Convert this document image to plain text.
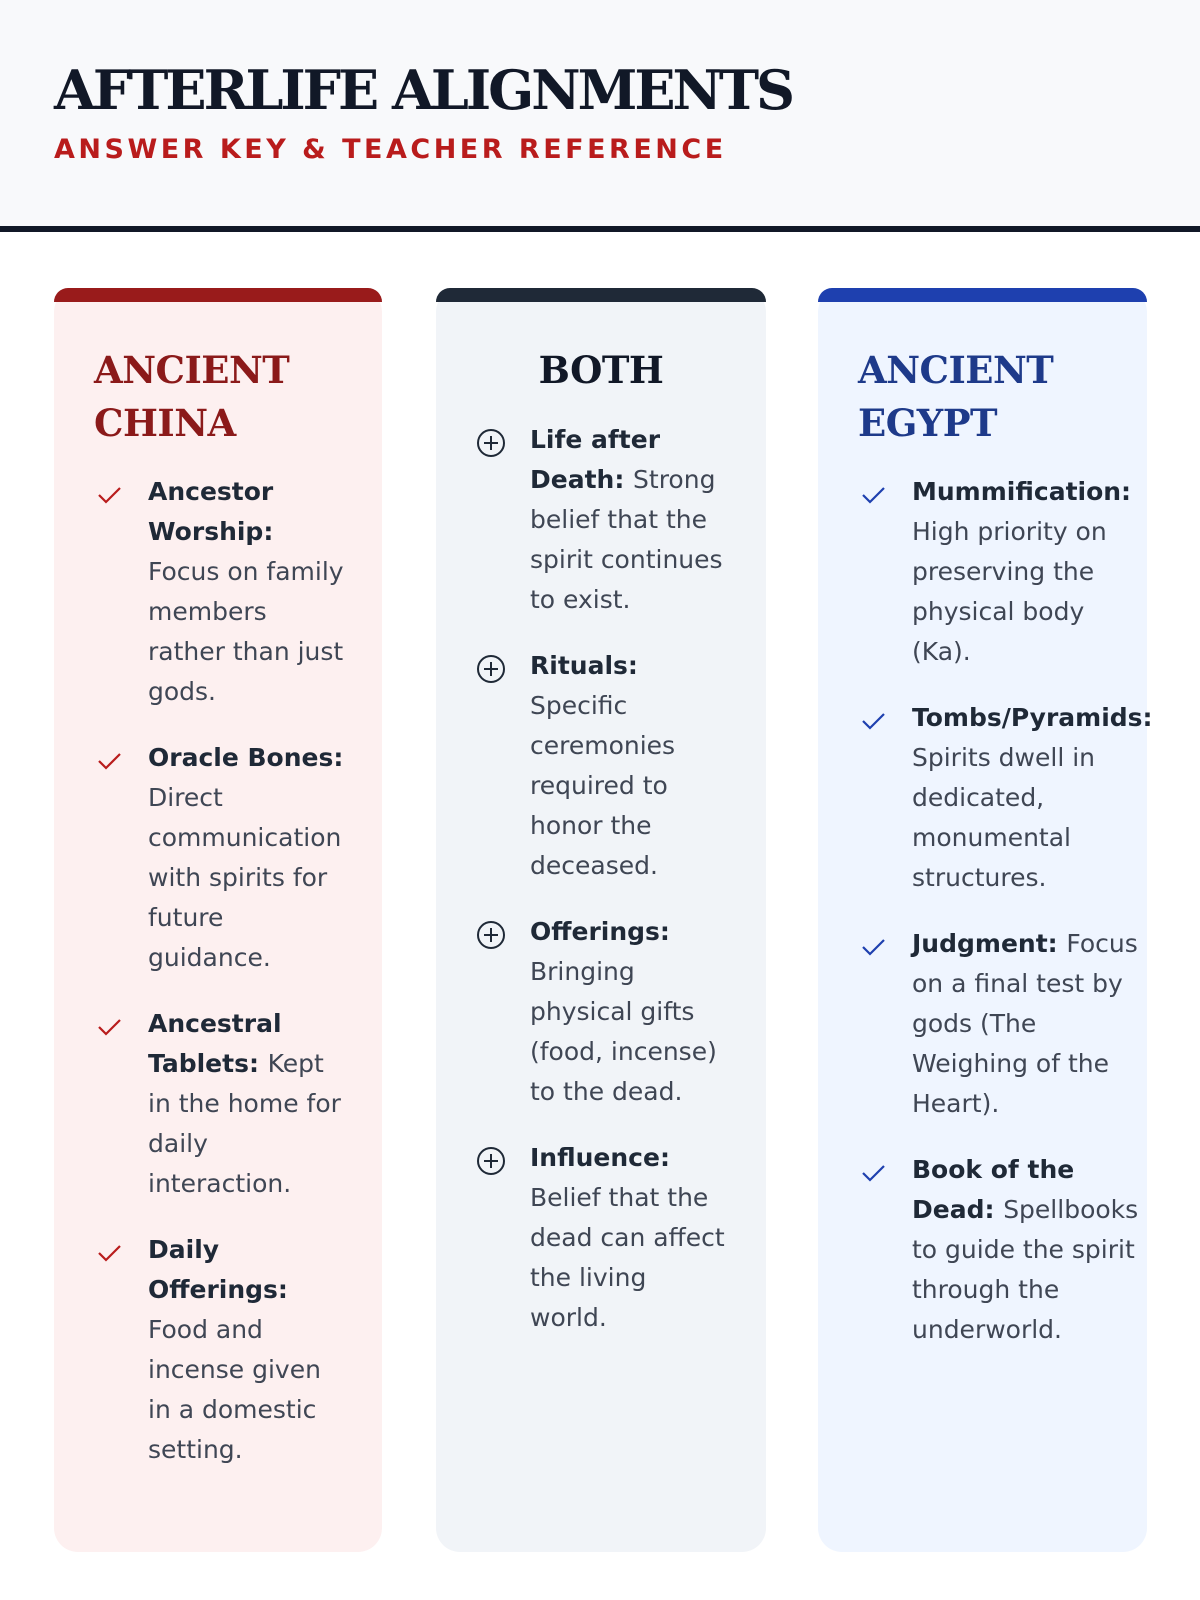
AFTERLIFE ALIGNMENTS
ANSWER KEY & TEACHER REFERENCE
ANCIENT CHINA
Ancestor Worship: Focus on family members rather than just gods.
Oracle Bones: Direct communication with spirits for future guidance.
Ancestral Tablets: Kept in the home for daily interaction.
Daily Offerings: Food and incense given in a domestic setting.
BOTH
Life after Death: Strong belief that the spirit continues to exist.
Rituals: Specific ceremonies required to honor the deceased.
Offerings: Bringing physical gifts (food, incense) to the dead.
Influence: Belief that the dead can affect the living world.
ANCIENT EGYPT
Mummification: High priority on preserving the physical body (Ka).
Tombs/Pyramids: Spirits dwell in dedicated, monumental structures.
Judgment: Focus on a final test by gods (The Weighing of the Heart).
Book of the Dead: Spellbooks to guide the spirit through the underworld.
